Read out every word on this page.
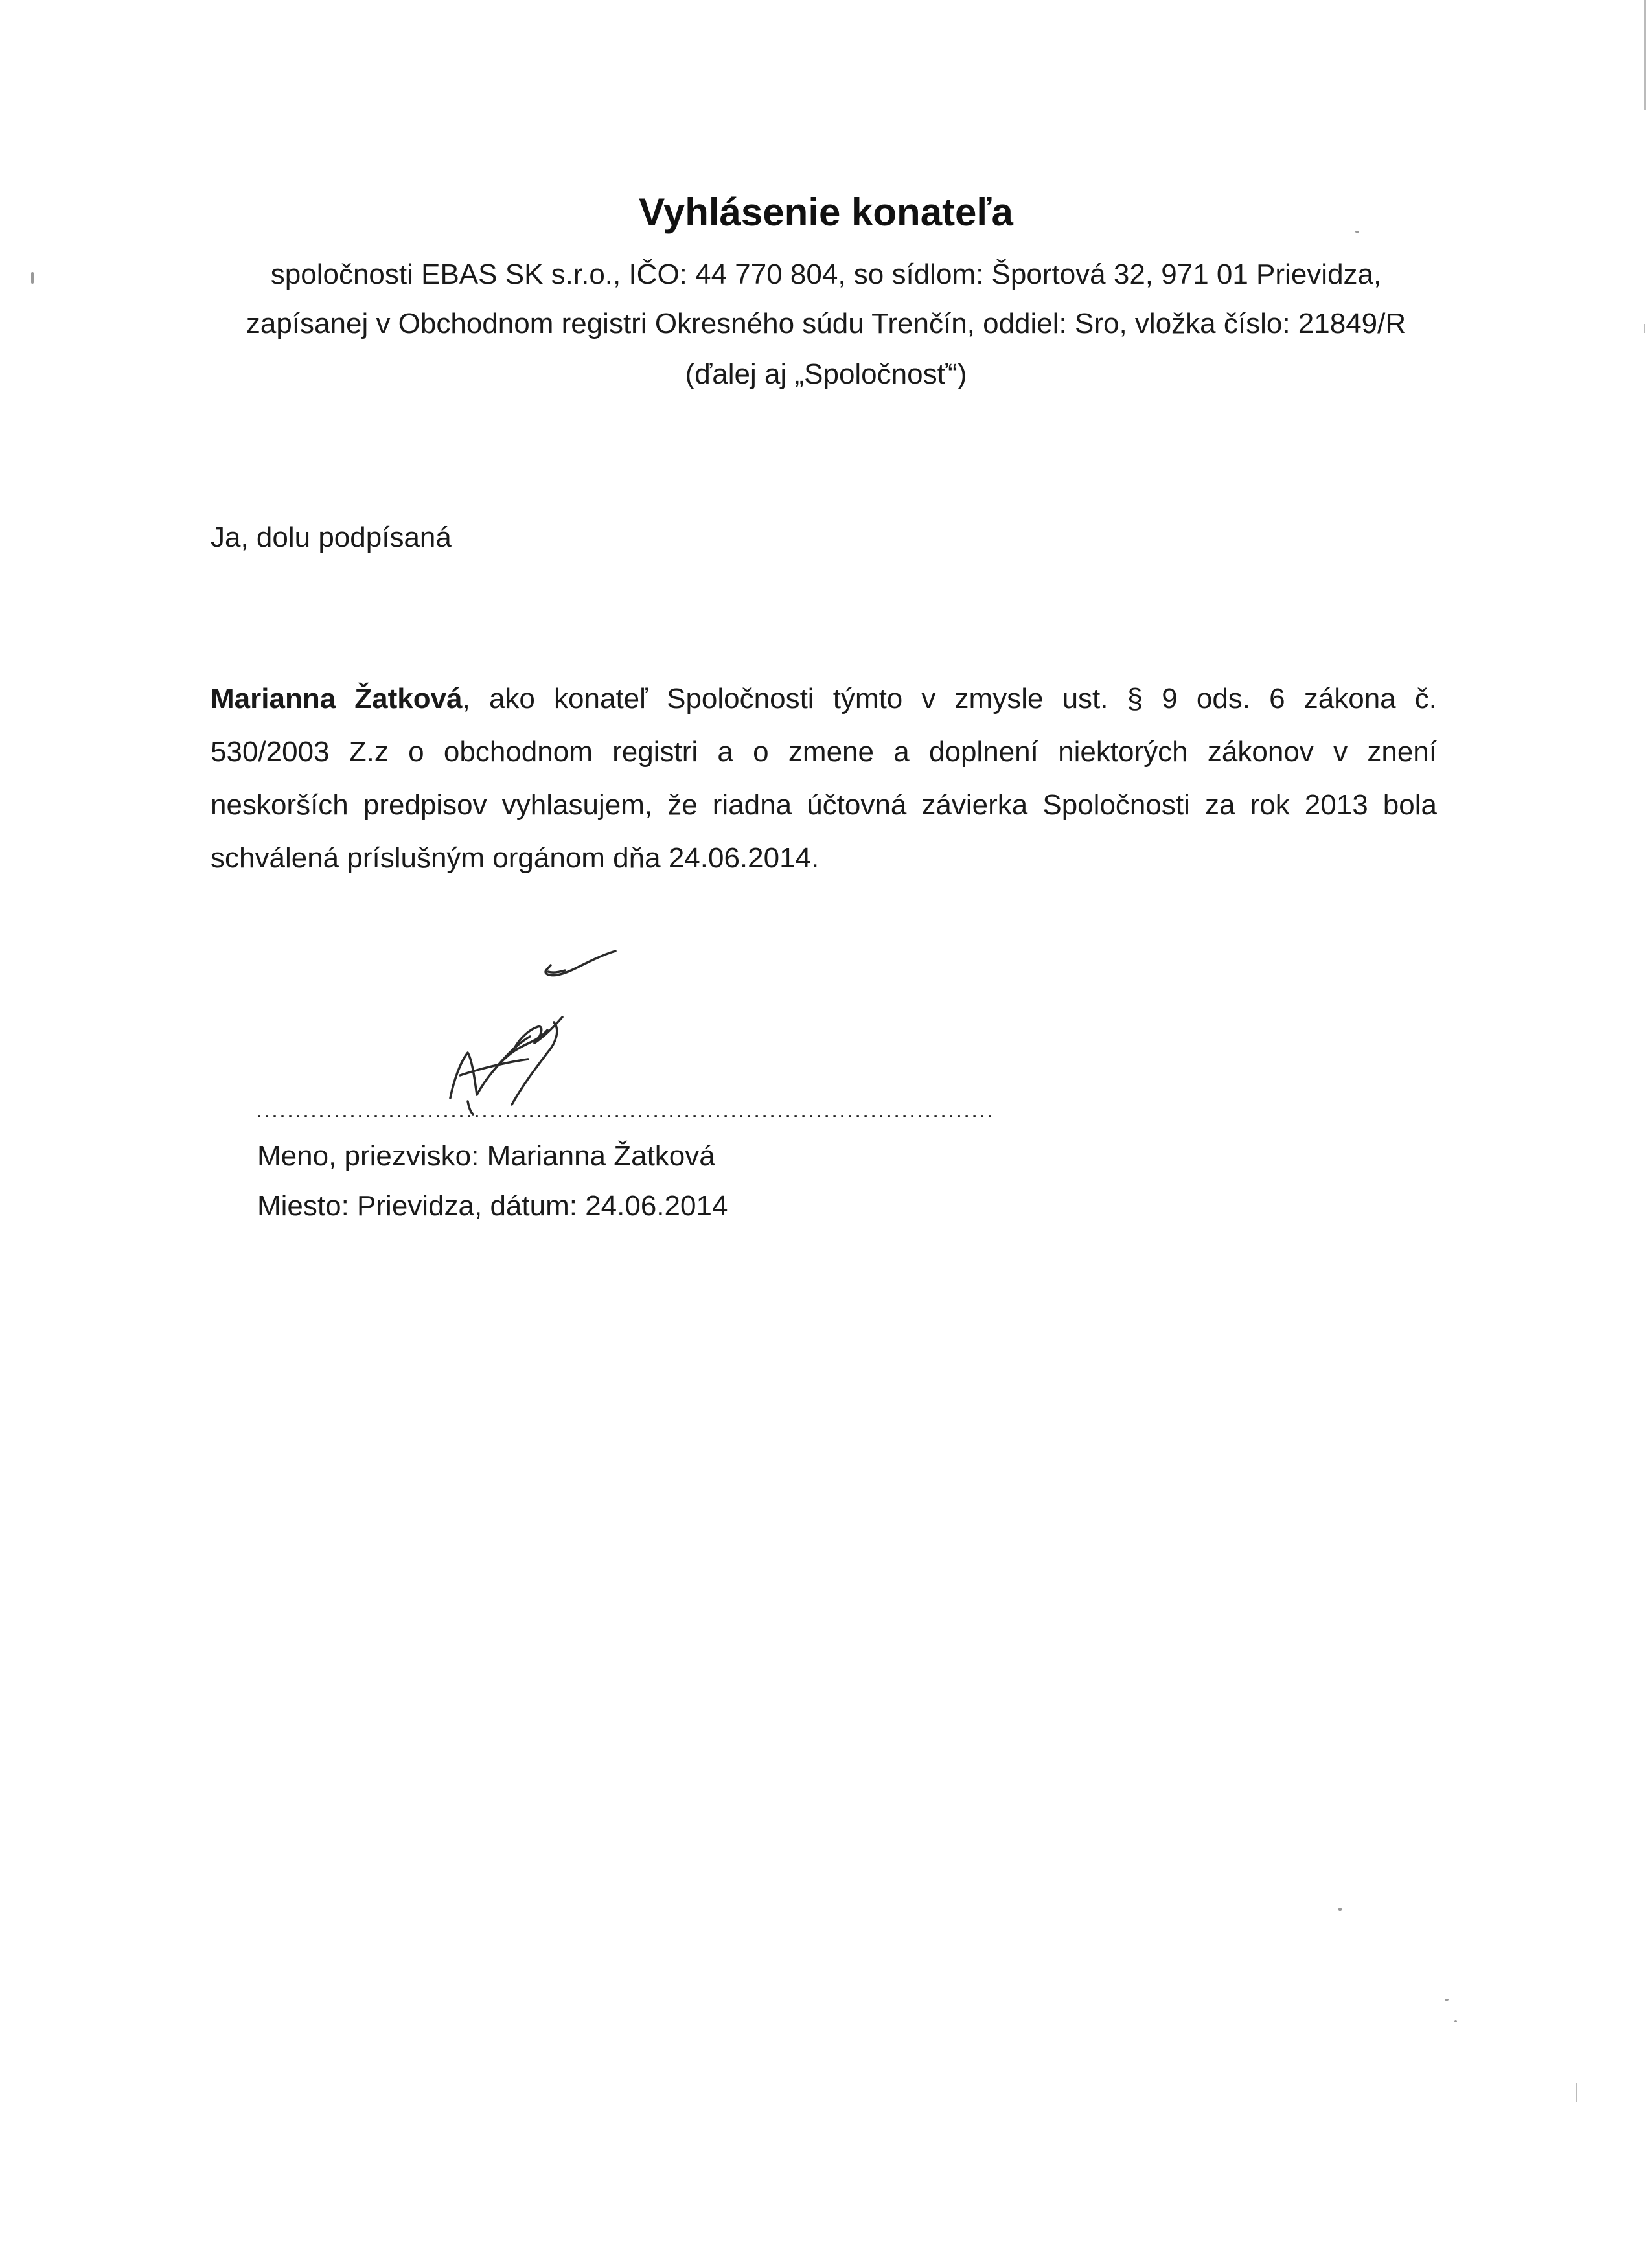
Vyhlásenie konateľa
spoločnosti EBAS SK s.r.o., IČO: 44 770 804, so sídlom: Športová 32, 971 01 Prievidza,
zapísanej v Obchodnom registri Okresného súdu Trenčín, oddiel: Sro, vložka číslo: 21849/R
(ďalej aj „Spoločnosť“)
Ja, dolu podpísaná
Marianna Žatková, ako konateľ Spoločnosti týmto v zmysle ust. § 9 ods. 6 zákona č.
530/2003 Z.z o obchodnom registri a o zmene a doplnení niektorých zákonov v znení
neskorších predpisov vyhlasujem, že riadna účtovná závierka Spoločnosti za rok 2013 bola
schválená príslušným orgánom dňa 24.06.2014.
...............................................................................................
Meno, priezvisko: Marianna Žatková
Miesto: Prievidza, dátum: 24.06.2014
